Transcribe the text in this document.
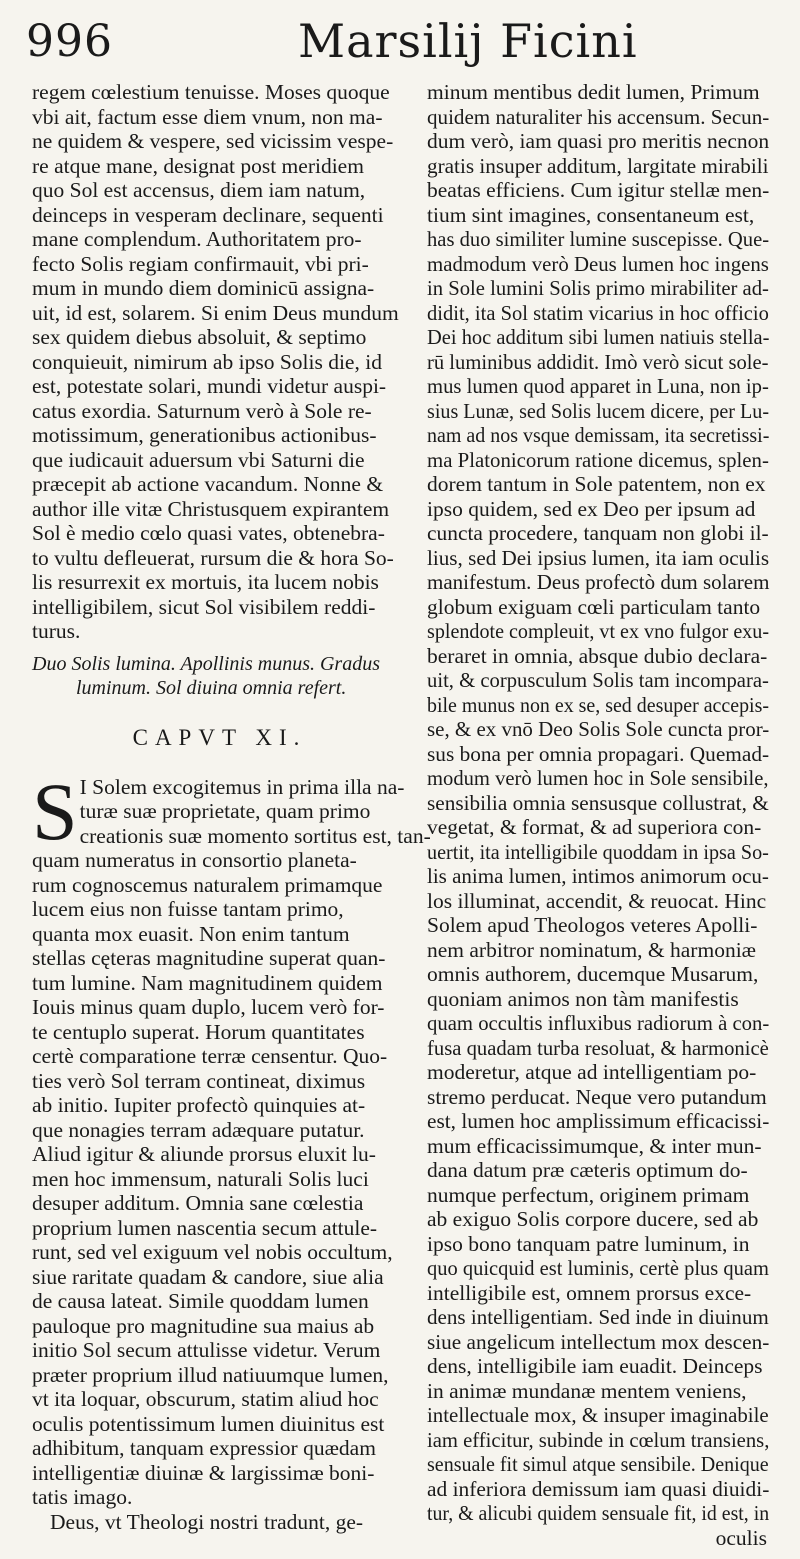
996	Marsilij Ficini
regem cœlestium tenuisse. Moses quoque
vbi ait, factum esse diem vnum, non ma-
ne quidem & vespere, sed vicissim vespe-
re atque mane, designat post meridiem
quo Sol est accensus, diem iam natum,
deinceps in vesperam declinare, sequenti
mane complendum. Authoritatem pro-
fecto Solis regiam confirmauit, vbi pri-
mum in mundo diem dominicū assigna-
uit, id est, solarem. Si enim Deus mundum
sex quidem diebus absoluit, & septimo
conquieuit, nimirum ab ipso Solis die, id
est, potestate solari, mundi videtur auspi-
catus exordia. Saturnum verò à Sole re-
motissimum, generationibus actionibus-
que iudicauit aduersum vbi Saturni die
præcepit ab actione vacandum. Nonne &
author ille vitæ Christusquem expirantem
Sol è medio cœlo quasi vates, obtenebra-
to vultu defleuerat, rursum die & hora So-
lis resurrexit ex mortuis, ita lucem nobis
intelligibilem, sicut Sol visibilem reddi-
turus.
Duo Solis lumina. Apollinis munus. Gradus
luminum. Sol diuina omnia refert.
CAPVT XI.
S I Solem excogitemus in prima illa na-
turæ suæ proprietate, quam primo
creationis suæ momento sortitus est, tan-
quam numeratus in consortio planeta-
rum cognoscemus naturalem primamque
lucem eius non fuisse tantam primo,
quanta mox euasit. Non enim tantum
stellas cęteras magnitudine superat quan-
tum lumine. Nam magnitudinem quidem
Iouis minus quam duplo, lucem verò for-
te centuplo superat. Horum quantitates
certè comparatione terræ censentur. Quo-
ties verò Sol terram contineat, diximus
ab initio. Iupiter profectò quinquies at-
que nonagies terram adæquare putatur.
Aliud igitur & aliunde prorsus eluxit lu-
men hoc immensum, naturali Solis luci
desuper additum. Omnia sane cœlestia
proprium lumen nascentia secum attule-
runt, sed vel exiguum vel nobis occultum,
siue raritate quadam & candore, siue alia
de causa lateat. Simile quoddam lumen
pauloque pro magnitudine sua maius ab
initio Sol secum attulisse videtur. Verum
præter proprium illud natiuumque lumen,
vt ita loquar, obscurum, statim aliud hoc
oculis potentissimum lumen diuinitus est
adhibitum, tanquam expressior quædam
intelligentiæ diuinæ & largissimæ boni-
tatis imago.
Deus, vt Theologi nostri tradunt, ge-
minum mentibus dedit lumen, Primum
quidem naturaliter his accensum. Secun-
dum verò, iam quasi pro meritis necnon
gratis insuper additum, largitate mirabili
beatas efficiens. Cum igitur stellæ men-
tium sint imagines, consentaneum est,
has duo similiter lumine suscepisse. Que-
madmodum verò Deus lumen hoc ingens
in Sole lumini Solis primo mirabiliter ad-
didit, ita Sol statim vicarius in hoc officio
Dei hoc additum sibi lumen natiuis stella-
rū luminibus addidit. Imò verò sicut sole-
mus lumen quod apparet in Luna, non ip-
sius Lunæ, sed Solis lucem dicere, per Lu-
nam ad nos vsque demissam, ita secretissi-
ma Platonicorum ratione dicemus, splen-
dorem tantum in Sole patentem, non ex
ipso quidem, sed ex Deo per ipsum ad
cuncta procedere, tanquam non globi il-
lius, sed Dei ipsius lumen, ita iam oculis
manifestum. Deus profectò dum solarem
globum exiguam cœli particulam tanto
splendote compleuit, vt ex vno fulgor exu-
beraret in omnia, absque dubio declara-
uit, & corpusculum Solis tam incompara-
bile munus non ex se, sed desuper accepis-
se, & ex vnō Deo Solis Sole cuncta pror-
sus bona per omnia propagari. Quemad-
modum verò lumen hoc in Sole sensibile,
sensibilia omnia sensusque collustrat, &
vegetat, & format, & ad superiora con-
uertit, ita intelligibile quoddam in ipsa So-
lis anima lumen, intimos animorum ocu-
los illuminat, accendit, & reuocat. Hinc
Solem apud Theologos veteres Apolli-
nem arbitror nominatum, & harmoniæ
omnis authorem, ducemque Musarum,
quoniam animos non tàm manifestis
quam occultis influxibus radiorum à con-
fusa quadam turba resoluat, & harmonicè
moderetur, atque ad intelligentiam po-
stremo perducat. Neque vero putandum
est, lumen hoc amplissimum efficacissi-
mum efficacissimumque, & inter mun-
dana datum præ cæteris optimum do-
numque perfectum, originem primam
ab exiguo Solis corpore ducere, sed ab
ipso bono tanquam patre luminum, in
quo quicquid est luminis, certè plus quam
intelligibile est, omnem prorsus exce-
dens intelligentiam. Sed inde in diuinum
siue angelicum intellectum mox descen-
dens, intelligibile iam euadit. Deinceps
in animæ mundanæ mentem veniens,
intellectuale mox, & insuper imaginabile
iam efficitur, subinde in cœlum transiens,
sensuale fit simul atque sensibile. Denique
ad inferiora demissum iam quasi diuidi-
tur, & alicubi quidem sensuale fit, id est, in
oculis
